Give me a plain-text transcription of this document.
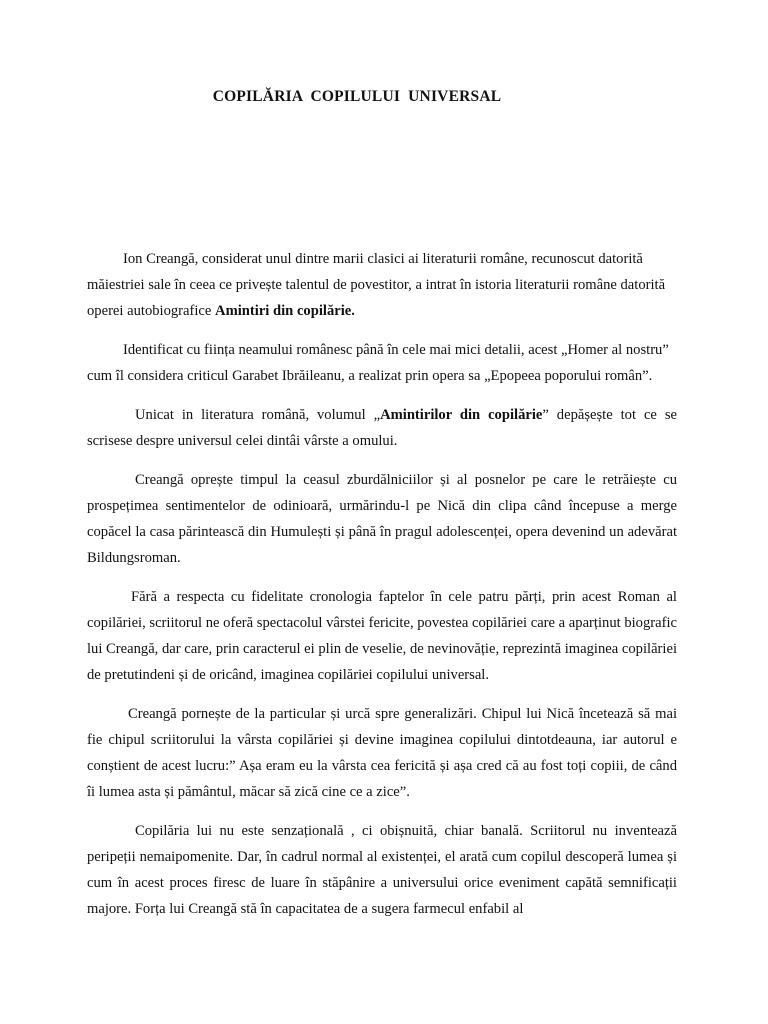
COPILĂRIA COPILULUI UNIVERSAL

Ion Creangă, considerat unul dintre marii clasici ai literaturii române, recunoscut datorită măiestriei sale în ceea ce privește talentul de povestitor, a intrat în istoria literaturii române datorită operei autobiografice Amintiri din copilărie.

Identificat cu ființa neamului românesc până în cele mai mici detalii, acest „Homer al nostru” cum îl considera criticul Garabet Ibrăileanu, a realizat prin opera sa „Epopeea poporului român”.

Unicat in literatura română, volumul „Amintirilor din copilărie” depășește tot ce se scrisese despre universul celei dintâi vârste a omului.

Creangă oprește timpul la ceasul zburdălniciilor și al posnelor pe care le retrăiește cu prospețimea sentimentelor de odinioară, urmărindu-l pe Nică din clipa când începuse a merge copăcel la casa părintească din Humulești și până în pragul adolescenței, opera devenind un adevărat Bildungsroman.

Fără a respecta cu fidelitate cronologia faptelor în cele patru părți, prin acest Roman al copilăriei, scriitorul ne oferă spectacolul vârstei fericite, povestea copilăriei care a aparținut biografic lui Creangă, dar care, prin caracterul ei plin de veselie, de nevinovăție, reprezintă imaginea copilăriei de pretutindeni și de oricând, imaginea copilăriei copilului universal.

Creangă pornește de la particular și urcă spre generalizări. Chipul lui Nică încetează să mai fie chipul scriitorului la vârsta copilăriei și devine imaginea copilului dintotdeauna, iar autorul e conștient de acest lucru:” Așa eram eu la vârsta cea fericită și așa cred că au fost toți copiii, de când îi lumea asta și pământul, măcar să zică cine ce a zice”.

Copilăria lui nu este senzațională , ci obișnuită, chiar banală. Scriitorul nu inventează peripeții nemaipomenite. Dar, în cadrul normal al existenței, el arată cum copilul descoperă lumea și cum în acest proces firesc de luare în stăpânire a universului orice eveniment capătă semnificații majore. Forța lui Creangă stă în capacitatea de a sugera farmecul enfabil al
